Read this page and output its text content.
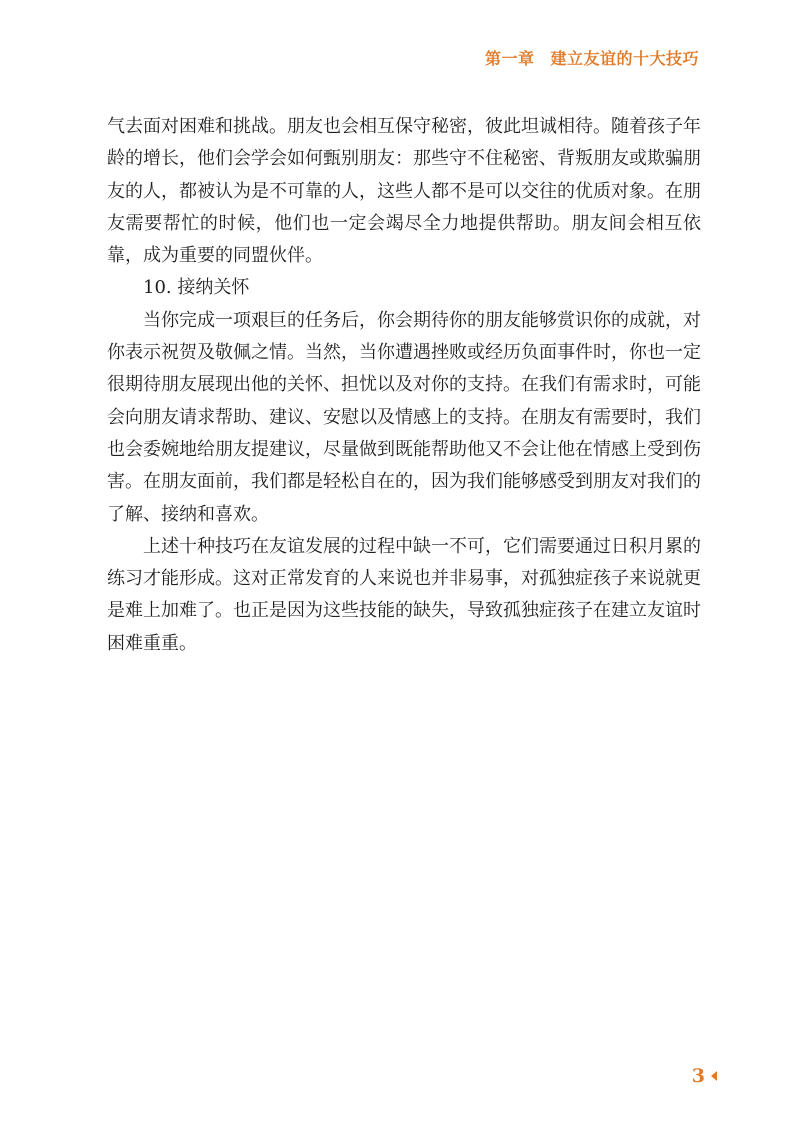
第一章 建立友谊的十大技巧

气去面对困难和挑战。朋友也会相互保守秘密，彼此坦诚相待。随着孩子年龄的增长，他们会学会如何甄别朋友：那些守不住秘密、背叛朋友或欺骗朋友的人，都被认为是不可靠的人，这些人都不是可以交往的优质对象。在朋友需要帮忙的时候，他们也一定会竭尽全力地提供帮助。朋友间会相互依靠，成为重要的同盟伙伴。

10. 接纳关怀

当你完成一项艰巨的任务后，你会期待你的朋友能够赏识你的成就，对你表示祝贺及敬佩之情。当然，当你遭遇挫败或经历负面事件时，你也一定很期待朋友展现出他的关怀、担忧以及对你的支持。在我们有需求时，可能会向朋友请求帮助、建议、安慰以及情感上的支持。在朋友有需要时，我们也会委婉地给朋友提建议，尽量做到既能帮助他又不会让他在情感上受到伤害。在朋友面前，我们都是轻松自在的，因为我们能够感受到朋友对我们的了解、接纳和喜欢。

上述十种技巧在友谊发展的过程中缺一不可，它们需要通过日积月累的练习才能形成。这对正常发育的人来说也并非易事，对孤独症孩子来说就更是难上加难了。也正是因为这些技能的缺失，导致孤独症孩子在建立友谊时困难重重。

3
